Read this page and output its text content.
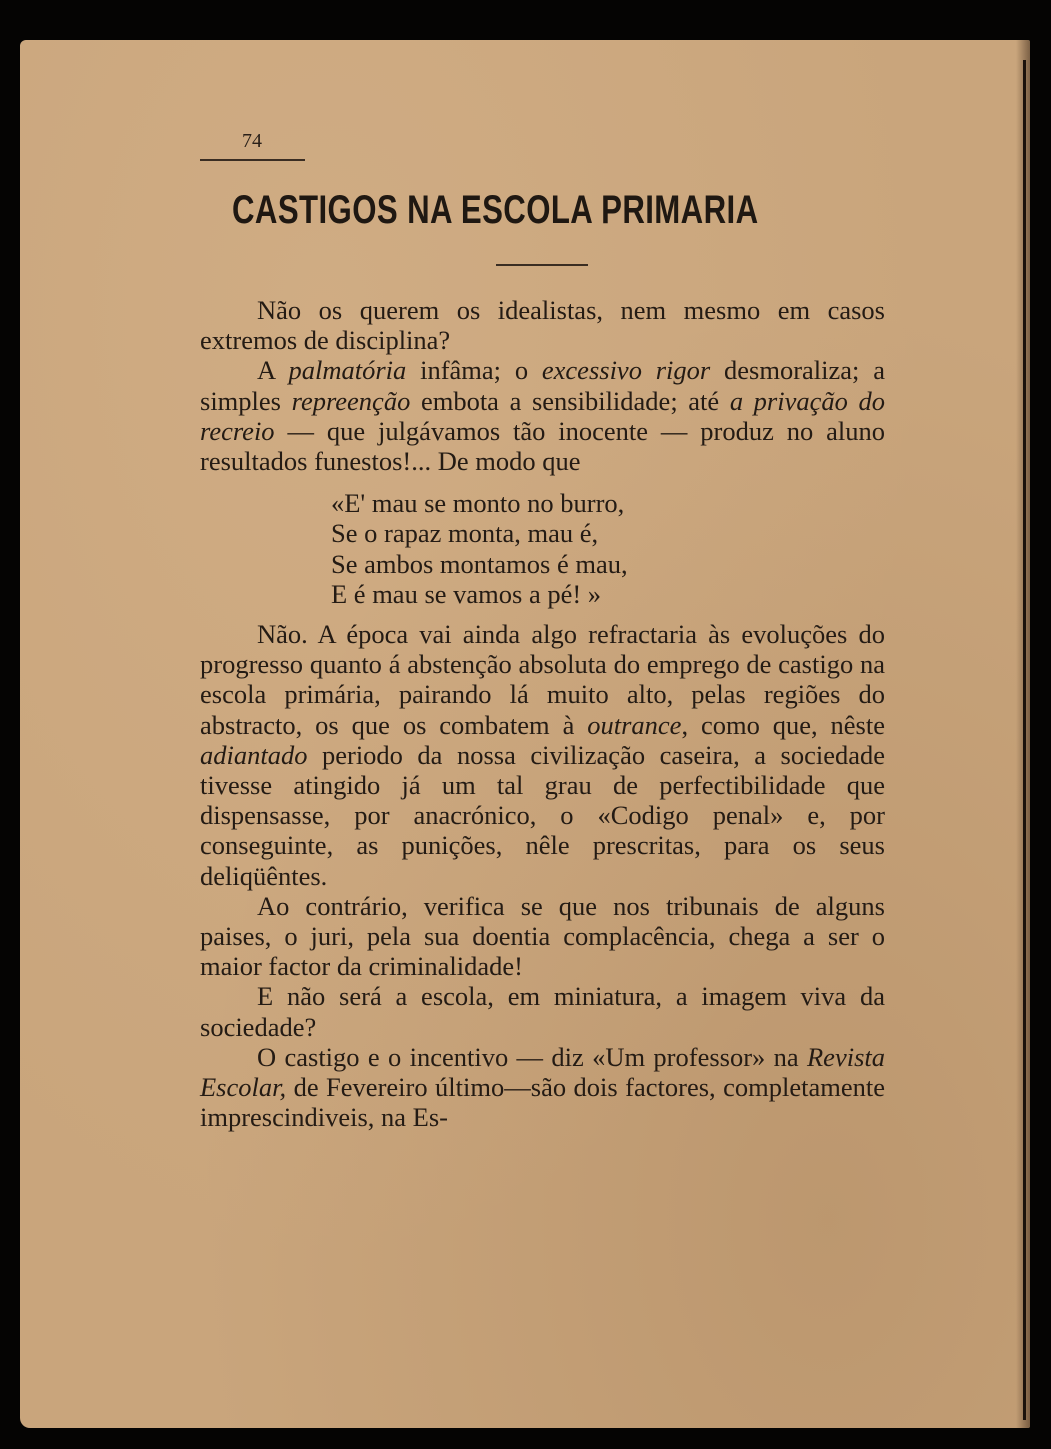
74
CASTIGOS NA ESCOLA PRIMARIA

Não os querem os idealistas, nem mesmo em casos extremos de disciplina?

A palmatória infâma; o excessivo rigor desmoraliza; a simples repreenção embota a sensibilidade; até a privação do recreio — que julgávamos tão inocente — produz no aluno resultados funestos!... De modo que

«E' mau se monto no burro,
Se o rapaz monta, mau é,
Se ambos montamos é mau,
E é mau se vamos a pé! »

Não. A época vai ainda algo refractaria às evoluções do progresso quanto á abstenção absoluta do emprego de castigo na escola primária, pairando lá muito alto, pelas regiões do abstracto, os que os combatem à outrance, como que, nêste adiantado periodo da nossa civilização caseira, a sociedade tivesse atingido já um tal grau de perfectibilidade que dispensasse, por anacrónico, o «Codigo penal» e, por conseguinte, as punições, nêle prescritas, para os seus deliqüêntes.

Ao contrário, verifica se que nos tribunais de alguns paises, o juri, pela sua doentia complacência, chega a ser o maior factor da criminalidade!

E não será a escola, em miniatura, a imagem viva da sociedade?

O castigo e o incentivo — diz «Um professor» na Revista Escolar, de Fevereiro último—são dois factores, completamente imprescindiveis, na Es-
